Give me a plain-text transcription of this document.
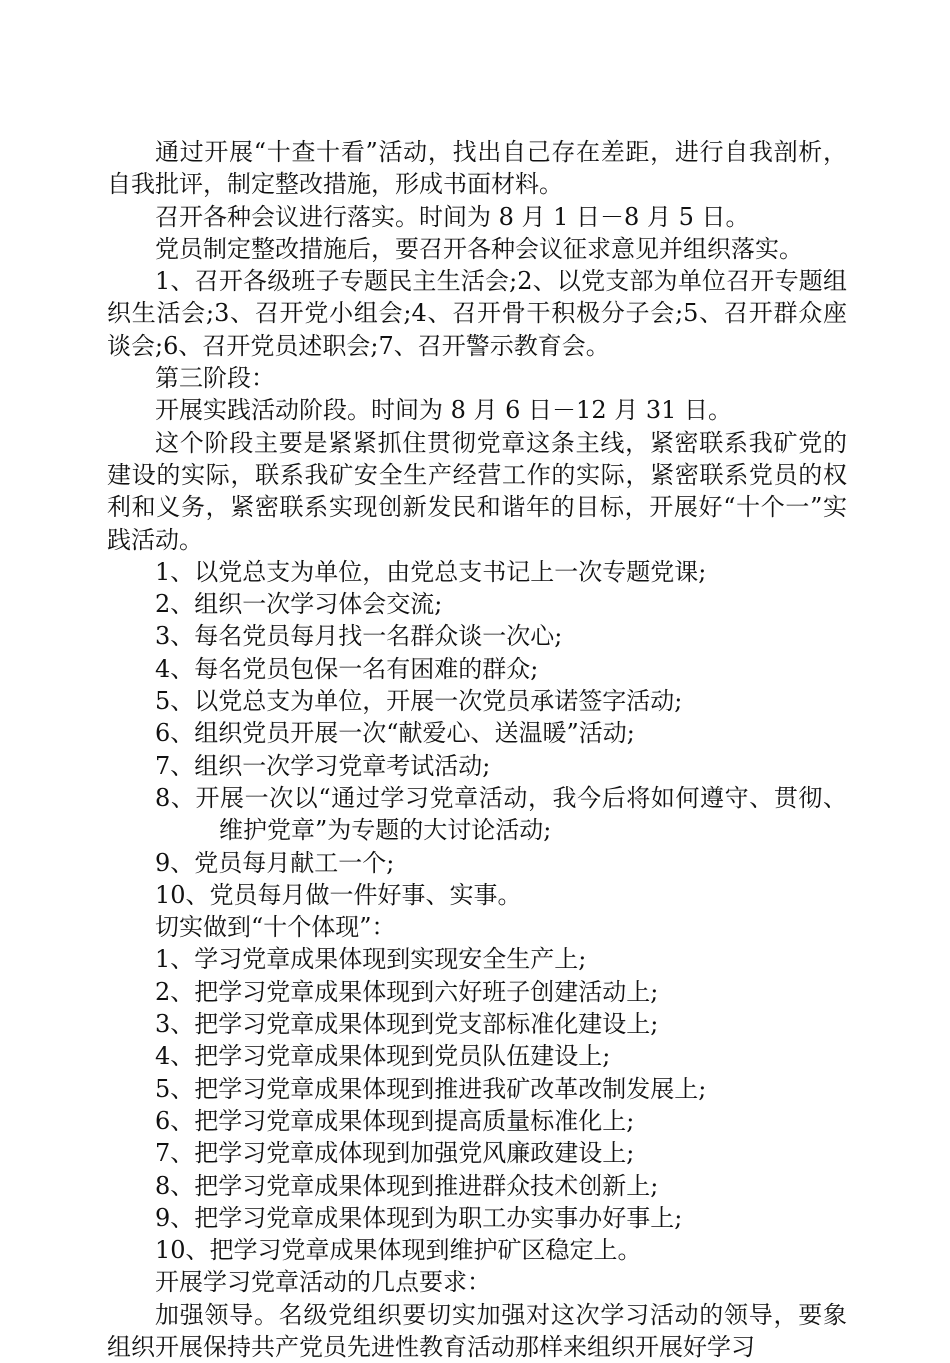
通过开展“十查十看”活动，找出自己存在差距，进行自我剖析，自我批评，制定整改措施，形成书面材料。

召开各种会议进行落实。时间为 8 月 1 日－8 月 5 日。

党员制定整改措施后，要召开各种会议征求意见并组织落实。

1、召开各级班子专题民主生活会;2、以党支部为单位召开专题组织生活会;3、召开党小组会;4、召开骨干积极分子会;5、召开群众座谈会;6、召开党员述职会;7、召开警示教育会。

第三阶段：

开展实践活动阶段。时间为 8 月 6 日－12 月 31 日。

这个阶段主要是紧紧抓住贯彻党章这条主线，紧密联系我矿党的建设的实际，联系我矿安全生产经营工作的实际，紧密联系党员的权利和义务，紧密联系实现创新发民和谐年的目标，开展好“十个一”实践活动。

1、以党总支为单位，由党总支书记上一次专题党课;

2、组织一次学习体会交流;

3、每名党员每月找一名群众谈一次心;

4、每名党员包保一名有困难的群众;

5、以党总支为单位，开展一次党员承诺签字活动;

6、组织党员开展一次“献爱心、送温暖”活动;

7、组织一次学习党章考试活动;

8、开展一次以“通过学习党章活动，我今后将如何遵守、贯彻、维护党章”为专题的大讨论活动;

9、党员每月献工一个;

10、党员每月做一件好事、实事。

切实做到“十个体现”：

1、学习党章成果体现到实现安全生产上;

2、把学习党章成果体现到六好班子创建活动上;

3、把学习党章成果体现到党支部标准化建设上;

4、把学习党章成果体现到党员队伍建设上;

5、把学习党章成果体现到推进我矿改革改制发展上;

6、把学习党章成果体现到提高质量标准化上;

7、把学习党章成体现到加强党风廉政建设上;

8、把学习党章成果体现到推进群众技术创新上;

9、把学习党章成果体现到为职工办实事办好事上;

10、把学习党章成果体现到维护矿区稳定上。

开展学习党章活动的几点要求：

加强领导。名级党组织要切实加强对这次学习活动的领导，要象组织开展保持共产党员先进性教育活动那样来组织开展好学习
